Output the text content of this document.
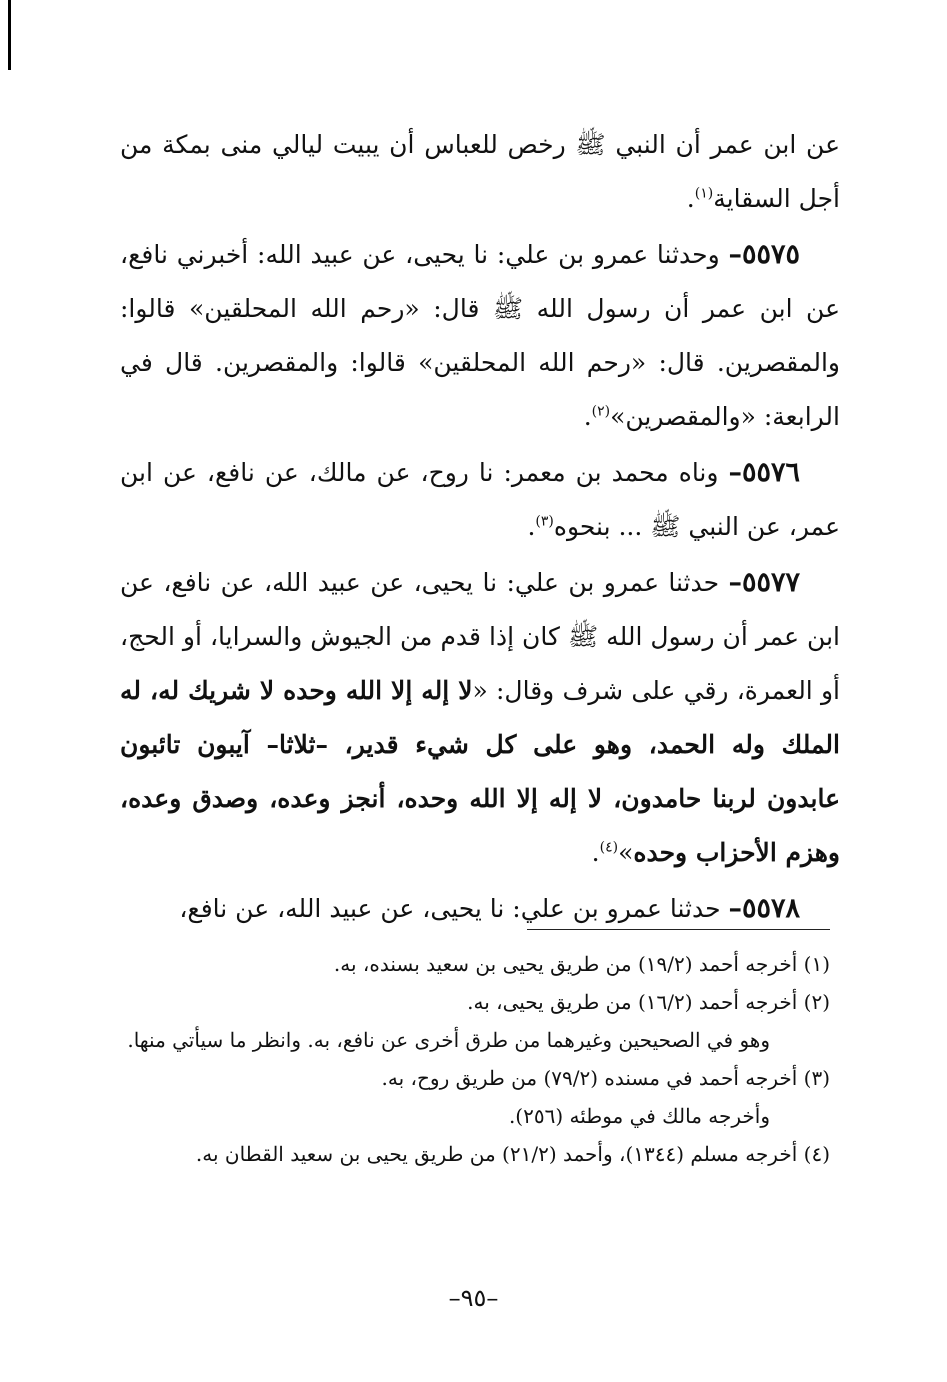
عن ابن عمر أن النبي ﷺ رخص للعباس أن يبيت ليالي منى بمكة من أجل السقاية$^{(١)}$.

٥٥٧٥– وحدثنا عمرو بن علي: نا يحيى، عن عبيد الله: أخبرني نافع، عن ابن عمر أن رسول الله ﷺ قال: «رحم الله المحلقين» قالوا: والمقصرين. قال: «رحم الله المحلقين» قالوا: والمقصرين. قال في الرابعة: «والمقصرين»$^{(٢)}$.

٥٥٧٦– وناه محمد بن معمر: نا روح، عن مالك، عن نافع، عن ابن عمر، عن النبي ﷺ ... بنحوه$^{(٣)}$.

٥٥٧٧– حدثنا عمرو بن علي: نا يحيى، عن عبيد الله، عن نافع، عن ابن عمر أن رسول الله ﷺ كان إذا قدم من الجيوش والسرايا، أو الحج، أو العمرة، رقي على شرف وقال: «لا إله إلا الله وحده لا شريك له، له الملك وله الحمد، وهو على كل شيء قدير، –ثلاثا– آيبون تائبون عابدون لربنا حامدون، لا إله إلا الله وحده، أنجز وعده، وصدق وعده، وهزم الأحزاب وحده»$^{(٤)}$.

٥٥٧٨– حدثنا عمرو بن علي: نا يحيى، عن عبيد الله، عن نافع،

(١) أخرجه أحمد (١٩/٢) من طريق يحيى بن سعيد بسنده، به.

(٢) أخرجه أحمد (١٦/٢) من طريق يحيى، به.

وهو في الصحيحين وغيرهما من طرق أخرى عن نافع، به. وانظر ما سيأتي منها.

(٣) أخرجه أحمد في مسنده (٧٩/٢) من طريق روح، به.

وأخرجه مالك في موطئه (٢٥٦).

(٤) أخرجه مسلم (١٣٤٤)، وأحمد (٢١/٢) من طريق يحيى بن سعيد القطان به.

–٩٥–
